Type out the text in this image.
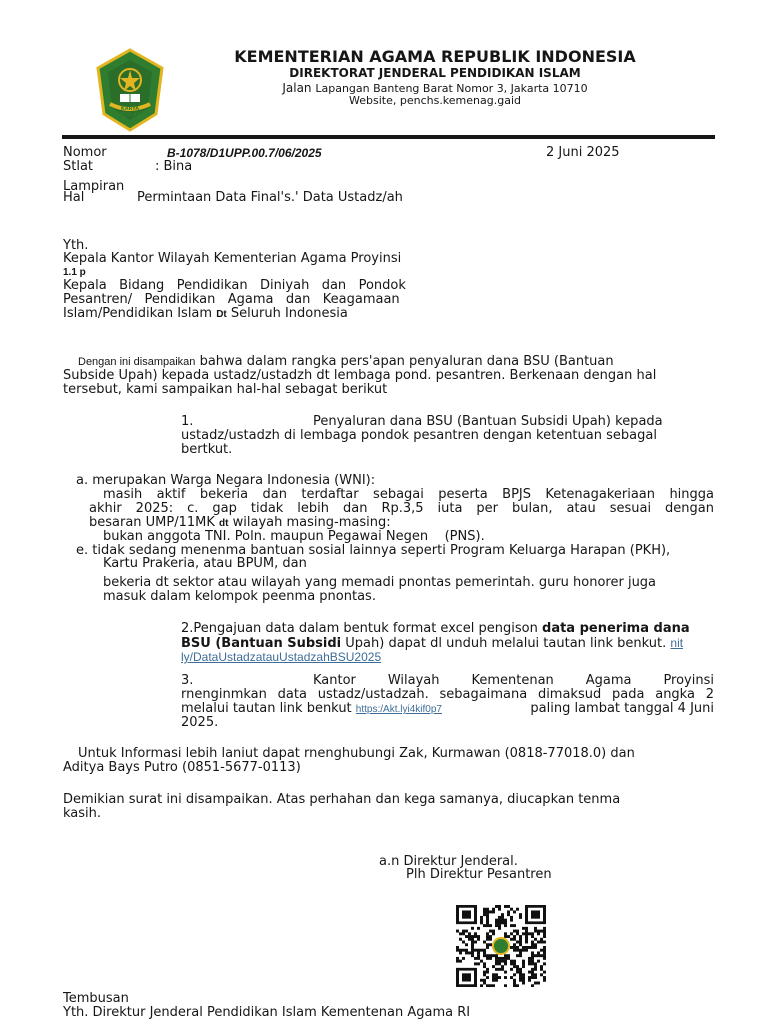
KARYA IKHLAS
KEMENTERIAN AGAMA REPUBLIK INDONESIA
DIREKTORAT JENDERAL PENDIDIKAN ISLAM
Jalan Lapangan Banteng Barat Nomor 3, Jakarta 10710
Website, penchs.kemenag.gaid
Nomor	B-1078/D1UPP.00.7/06/2025	2 Juni 2025
Stlat	: Bina
Lampiran
Hal	Permintaan Data Final's.' Data Ustadz/ah
Yth.
Kepala Kantor Wilayah Kementerian Agama Proyinsi
1.1 p
Kepala   Bidang   Pendidikan   Diniyah   dan   Pondok
Pesantren/   Pendidikan   Agama   dan   Keagamaan
Islam/Pendidikan Islam Dt Seluruh Indonesia
Dengan ini disampaikan bahwa dalam rangka pers'apan penyaluran dana BSU (Bantuan
Subside Upah) kepada ustadz/ustadzh dt lembaga pond. pesantren. Berkenaan dengan hal
tersebut, kami sampaikan hal-hal sebagat berikut
1.	Penyaluran dana BSU (Bantuan Subsidi Upah) kepada
ustadz/ustadzh di lembaga pondok pesantren dengan ketentuan sebagal
bertkut.
a. merupakan Warga Negara Indonesia (WNI):
masih aktif bekeria dan terdaftar sebagai peserta BPJS Ketenagakeriaan hingga
akhir 2025: c. gap tidak lebih dan Rp.3,5 iuta per bulan, atau sesuai dengan
besaran UMP/11MK dt wilayah masing-masing:
bukan anggota TNI. Poln. maupun Pegawai Negen    (PNS).
e. tidak sedang menenma bantuan sosial lainnya seperti Program Keluarga Harapan (PKH),
Kartu Prakeria, atau BPUM, dan
bekeria dt sektor atau wilayah yang memadi pnontas pemerintah. guru honorer juga
masuk dalam kelompok peenma pnontas.
2.Pengajuan data dalam bentuk format excel pengison data penerima dana
BSU (Bantuan Subsidi Upah) dapat dl unduh melalui tautan link benkut. nit
ly/DataUstadzatauUstadzahBSU2025
3.	Kantor Wilayah Kementenan Agama Proyinsi
rnenginmkan data ustadz/ustadzah. sebagaimana dimaksud pada angka 2
melalui tautan link benkut https:/Akt.lyi4kif0p7	paling lambat tanggal 4 Juni
2025.
Untuk Informasi lebih laniut dapat rnenghubungi Zak, Kurmawan (0818-77018.0) dan
Aditya Bays Putro (0851-5677-0113)
Demikian surat ini disampaikan. Atas perhahan dan kega samanya, diucapkan tenma
kasih.
a.n Direktur Jenderal.
Plh Direktur Pesantren
Tembusan
Yth. Direktur Jenderal Pendidikan Islam Kementenan Agama RI
